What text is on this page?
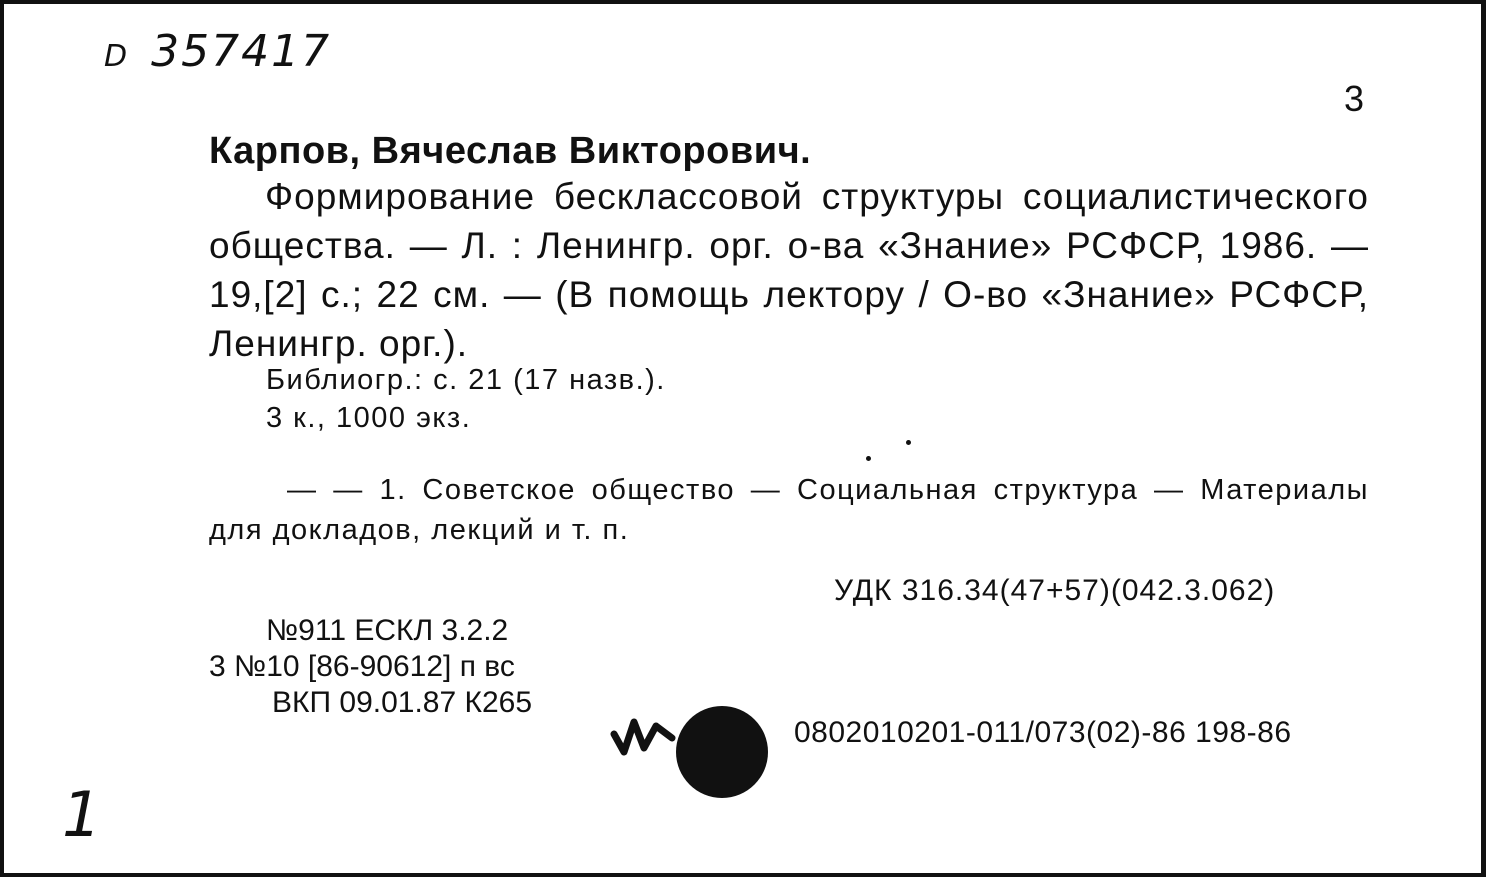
D 357417
3
Карпов, Вячеслав Викторович.
Формирование бесклассовой структуры социалистического общества. — Л. : Ленингр. орг. о-ва «Знание» РСФСР, 1986. — 19,[2] с.; 22 см. — (В помощь лектору / О-во «Знание» РСФСР, Ленингр. орг.).
Библиогр.: с. 21 (17 назв.).
3 к., 1000 экз.
— — 1. Советское общество — Социальная структура — Материалы для докладов, лекций и т. п.
УДК 316.34(47+57)(042.3.062)
№911 ЕСКЛ 3.2.2
3 №10 [86-90612] п вс
ВКП 09.01.87 К265
0802010201-011/073(02)-86 198-86
1
